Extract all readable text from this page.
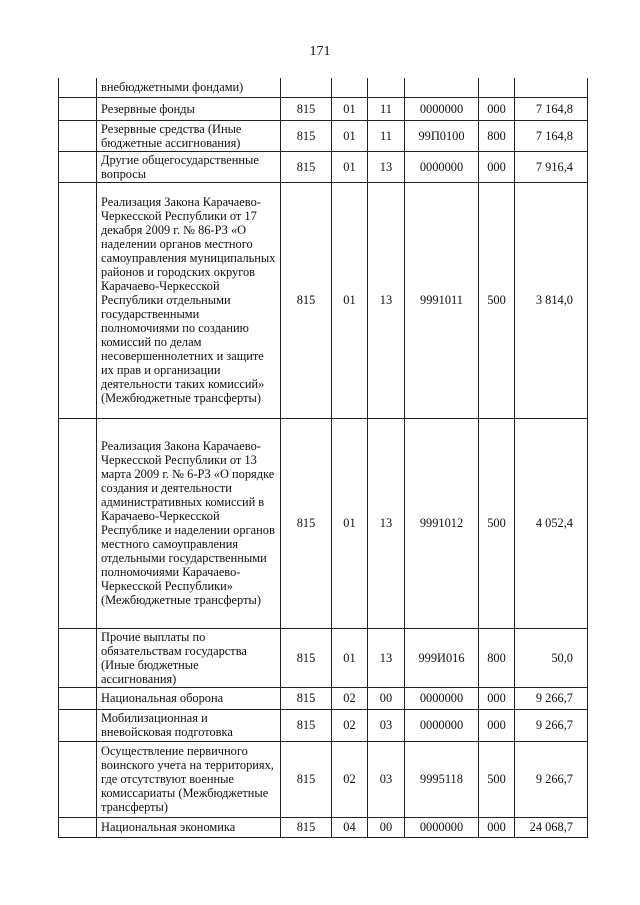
171
	внебюджетными фондами)						
	Резервные фонды	815	01	11	0000000	000	7 164,8
	Резервные средства (Иные бюджетные ассигнования)	815	01	11	99П0100	800	7 164,8
	Другие общегосударственные вопросы	815	01	13	0000000	000	7 916,4
	Реализация Закона Карачаево-Черкесской Республики от 17 декабря 2009 г. № 86-РЗ «О наделении органов местного самоуправления муниципальных районов и городских округов Карачаево-Черкесской Республики отдельными государственными полномочиями по созданию комиссий по делам несовершеннолетних и защите их прав и организации деятельности таких комиссий» (Межбюджетные трансферты)	815	01	13	9991011	500	3 814,0
	Реализация Закона Карачаево-Черкесской Республики от 13 марта 2009 г. № 6-РЗ «О порядке создания и деятельности административных комиссий в Карачаево-Черкесской Республике и наделении органов местного самоуправления отдельными государственными полномочиями Карачаево-Черкесской Республики» (Межбюджетные трансферты)	815	01	13	9991012	500	4 052,4
	Прочие выплаты по обязательствам государства (Иные бюджетные ассигнования)	815	01	13	999И016	800	50,0
	Национальная оборона	815	02	00	0000000	000	9 266,7
	Мобилизационная и вневойсковая подготовка	815	02	03	0000000	000	9 266,7
	Осуществление первичного воинского учета на территориях, где отсутствуют военные комиссариаты (Межбюджетные трансферты)	815	02	03	9995118	500	9 266,7
	Национальная экономика	815	04	00	0000000	000	24 068,7
